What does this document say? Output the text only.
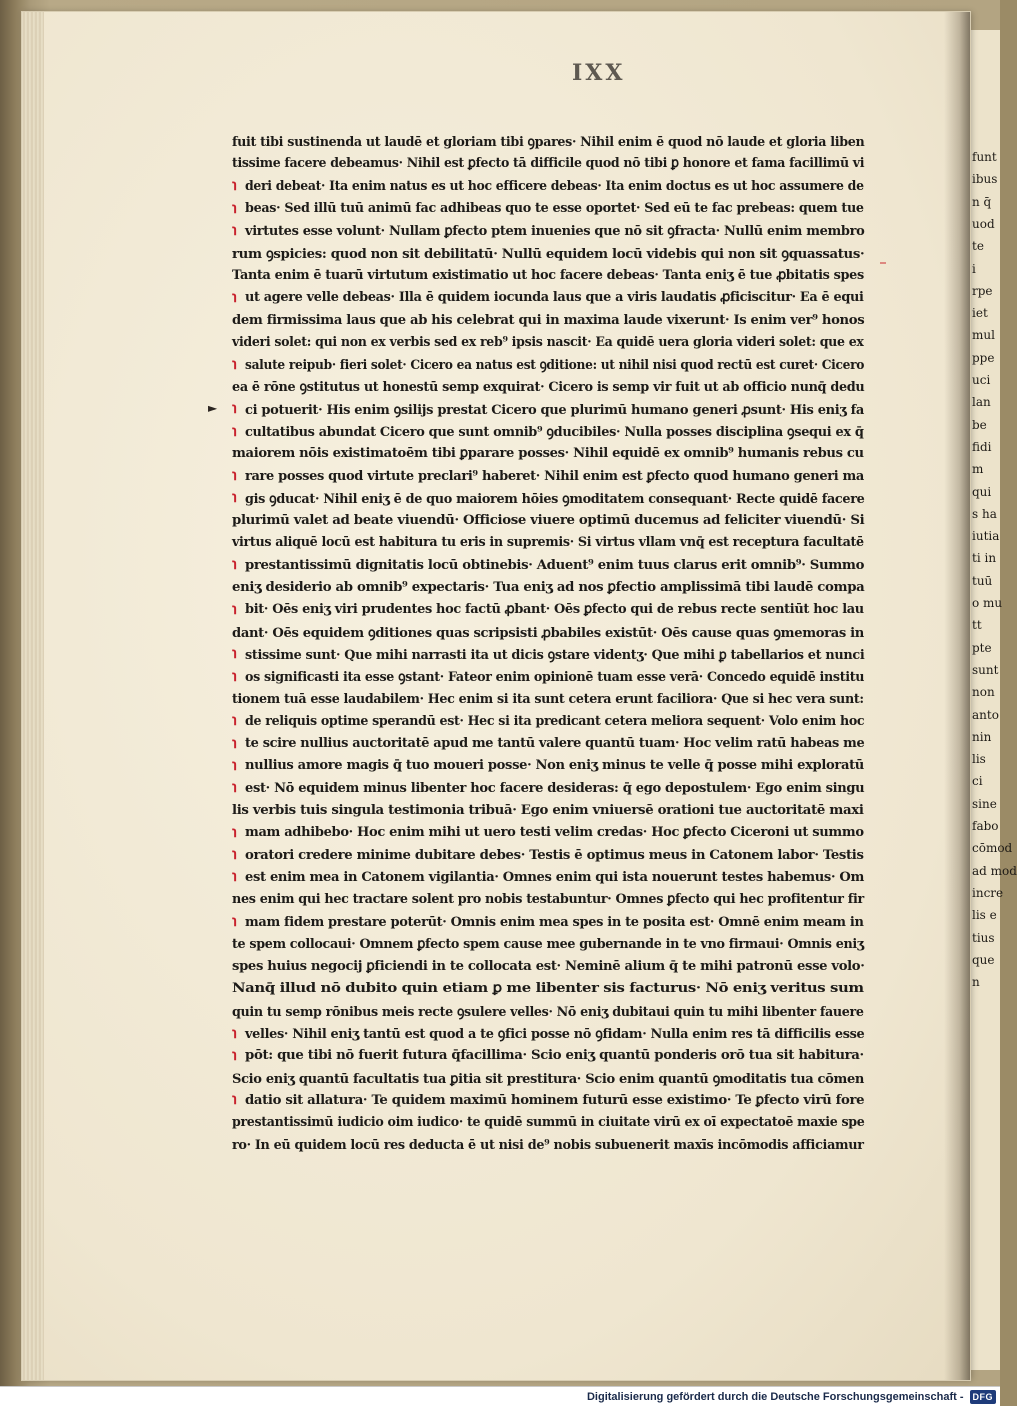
funt
ibus
n q̄
uod
te
i
rpe
iet
mul
ppe
uci
lan
be
fidi
m
qui
s ha
iutia
ti in
tuū
o mu
tt
pte
sunt
non
anto
nin
lis
ci
sine
fabo
cōmod
ad mod
incre
lis e
tius
que
n
IXX
►
fuit tibi sustinenda ut laudē et gloriam tibi ꝯpares· Nihil enim ē quod nō laude et gloria liben
tissime facere debeamus· Nihil est ꝑfecto tā difficile quod nō tibi ꝑ honore et fama facillimū vi
℩ deri debeat· Ita enim natus es ut hoc efficere debeas· Ita enim doctus es ut hoc assumere de
℩ beas· Sed illū tuū animū fac adhibeas quo te esse oportet· Sed eū te fac prebeas: quem tue
℩ virtutes esse volunt· Nullam ꝑfecto ptem inuenies que nō sit ꝯfracta· Nullū enim membro
rum ꝯspicies: quod non sit debilitatū· Nullū equidem locū videbis qui non sit ꝯquassatus·
Tanta enim ē tuarū virtutum existimatio ut hoc facere debeas· Tanta eniʒ ē tue ꝓbitatis spes
℩ ut agere velle debeas· Illa ē quidem iocunda laus que a viris laudatis ꝓficiscitur· Ea ē equi
dem firmissima laus que ab his celebrat qui in maxima laude vixerunt· Is enim ver⁹ honos
videri solet: qui non ex verbis sed ex reb⁹ ipsis nascit· Ea quidē uera gloria videri solet: que ex
℩ salute reipub· fieri solet· Cicero ea natus est ꝯditione: ut nihil nisi quod rectū est curet· Cicero
ea ē rōne ꝯstitutus ut honestū semp exquirat· Cicero is semp vir fuit ut ab officio nunq̄ dedu
℩ ci potuerit· His enim ꝯsilijs prestat Cicero que plurimū humano generi ꝓsunt· His eniʒ fa
℩ cultatibus abundat Cicero que sunt omnib⁹ ꝯducibiles· Nulla posses disciplina ꝯsequi ex q̄
maiorem nōis existimatoēm tibi ꝑparare posses· Nihil equidē ex omnib⁹ humanis rebus cu
℩ rare posses quod virtute preclari⁹ haberet· Nihil enim est ꝑfecto quod humano generi ma
℩ gis ꝯducat· Nihil eniʒ ē de quo maiorem hōies ꝯmoditatem consequant· Recte quidē facere
plurimū valet ad beate viuendū· Officiose viuere optimū ducemus ad feliciter viuendū· Si
virtus aliquē locū est habitura tu eris in supremis· Si virtus vllam vnq̄ est receptura facultatē
℩ prestantissimū dignitatis locū obtinebis· Aduent⁹ enim tuus clarus erit omnib⁹· Summo
eniʒ desiderio ab omnib⁹ expectaris· Tua eniʒ ad nos ꝑfectio amplissimā tibi laudē compa
℩ bit· Oēs eniʒ viri prudentes hoc factū ꝓbant· Oēs ꝑfecto qui de rebus recte sentiūt hoc lau
dant· Oēs equidem ꝯditiones quas scripsisti ꝓbabiles existūt· Oēs cause quas ꝯmemoras in
℩ stissime sunt· Que mihi narrasti ita ut dicis ꝯstare videntʒ· Que mihi ꝑ tabellarios et nunci
℩ os significasti ita esse ꝯstant· Fateor enim opinionē tuam esse verā· Concedo equidē institu
tionem tuā esse laudabilem· Hec enim si ita sunt cetera erunt faciliora· Que si hec vera sunt:
℩ de reliquis optime sperandū est· Hec si ita predicant cetera meliora sequent· Volo enim hoc
℩ te scire nullius auctoritatē apud me tantū valere quantū tuam· Hoc velim ratū habeas me
℩ nullius amore magis q̄ tuo moueri posse· Non eniʒ minus te velle q̄ posse mihi exploratū
℩ est· Nō equidem minus libenter hoc facere desideras: q̄ ego depostulem· Ego enim singu
lis verbis tuis singula testimonia tribuā· Ego enim vniuersē orationi tue auctoritatē maxi
℩ mam adhibebo· Hoc enim mihi ut uero testi velim credas· Hoc ꝑfecto Ciceroni ut summo
℩ oratori credere minime dubitare debes· Testis ē optimus meus in Catonem labor· Testis
℩ est enim mea in Catonem vigilantia· Omnes enim qui ista nouerunt testes habemus· Om
nes enim qui hec tractare solent pro nobis testabuntur· Omnes ꝑfecto qui hec profitentur fir
℩ mam fidem prestare poterūt· Omnis enim mea spes in te posita est· Omnē enim meam in
te spem collocaui· Omnem ꝑfecto spem cause mee gubernande in te vno firmaui· Omnis eniʒ
spes huius negocij ꝑficiendi in te collocata est· Neminē alium q̄ te mihi patronū esse volo·
Nanq̄ illud nō dubito quin etiam ꝑ me libenter sis facturus· Nō eniʒ veritus sum
quin tu semp rōnibus meis recte ꝯsulere velles· Nō eniʒ dubitaui quin tu mihi libenter fauere
℩ velles· Nihil eniʒ tantū est quod a te ꝯfici posse nō ꝯfidam· Nulla enim res tā difficilis esse
℩ pōt: que tibi nō fuerit futura q̄facillima· Scio eniʒ quantū ponderis orō tua sit habitura·
Scio eniʒ quantū facultatis tua ꝑitia sit prestitura· Scio enim quantū ꝯmoditatis tua cōmen
℩ datio sit allatura· Te quidem maximū hominem futurū esse existimo· Te ꝑfecto virū fore
prestantissimū iudicio oim iudico· te quidē summū in ciuitate virū ex oī expectatoē maxie spe
ro· In eū quidem locū res deducta ē ut nisi de⁹ nobis subuenerit maxīs incōmodis afficiamur
Digitalisierung gefördert durch die Deutsche Forschungsgemeinschaft -	DFG
